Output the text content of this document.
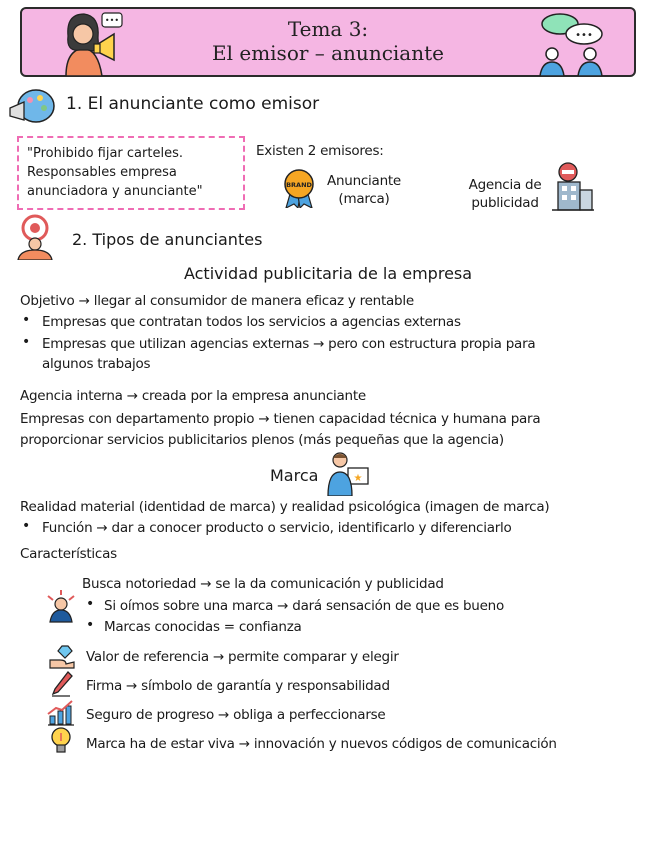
•••	Tema 3:
El emisor – anunciante
•••
1. El anunciante como emisor
"Prohibido fijar carteles.
Responsables empresa
anunciadora y anunciante"
Existen 2 emisores:
BRAND	Anunciante
(marca)
Agencia de
publicidad
2. Tipos de anunciantes
Actividad publicitaria de la empresa
Objetivo → llegar al consumidor de manera eficaz y rentable
• Empresas que contratan todos los servicios a agencias externas
• Empresas que utilizan agencias externas → pero con estructura propia para
algunos trabajos
Agencia interna → creada por la empresa anunciante
Empresas con departamento propio → tienen capacidad técnica y humana para
proporcionar servicios publicitarios plenos (más pequeñas que la agencia)
Marca	★
Realidad material (identidad de marca) y realidad psicológica (imagen de marca)
• Función → dar a conocer producto o servicio, identificarlo y diferenciarlo
Características
Busca notoriedad → se la da comunicación y publicidad
• Si oímos sobre una marca → dará sensación de que es bueno
• Marcas conocidas = confianza
Valor de referencia → permite comparar y elegir
Firma → símbolo de garantía y responsabilidad
Seguro de progreso → obliga a perfeccionarse
Marca ha de estar viva → innovación y nuevos códigos de comunicación
